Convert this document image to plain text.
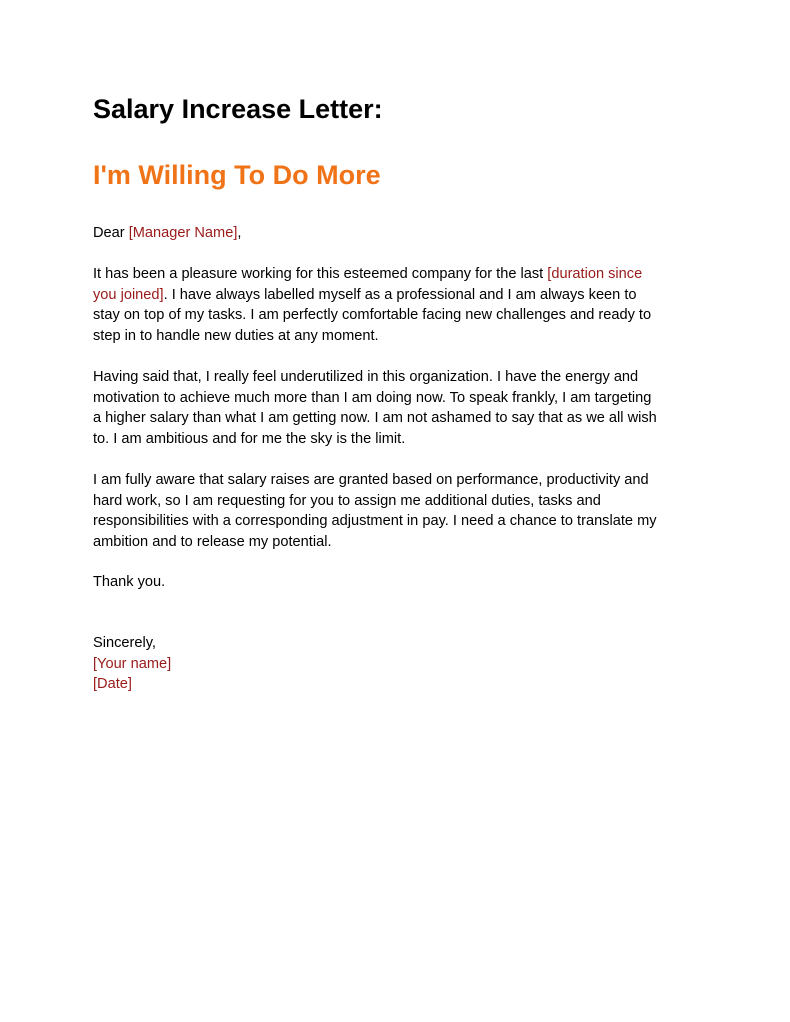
Salary Increase Letter:
I'm Willing To Do More

Dear [Manager Name],

It has been a pleasure working for this esteemed company for the last [duration since
you joined]. I have always labelled myself as a professional and I am always keen to
stay on top of my tasks. I am perfectly comfortable facing new challenges and ready to
step in to handle new duties at any moment.

Having said that, I really feel underutilized in this organization. I have the energy and
motivation to achieve much more than I am doing now. To speak frankly, I am targeting
a higher salary than what I am getting now. I am not ashamed to say that as we all wish
to. I am ambitious and for me the sky is the limit.

I am fully aware that salary raises are granted based on performance, productivity and
hard work, so I am requesting for you to assign me additional duties, tasks and
responsibilities with a corresponding adjustment in pay. I need a chance to translate my
ambition and to release my potential.

Thank you.

Sincerely,
[Your name]
[Date]
